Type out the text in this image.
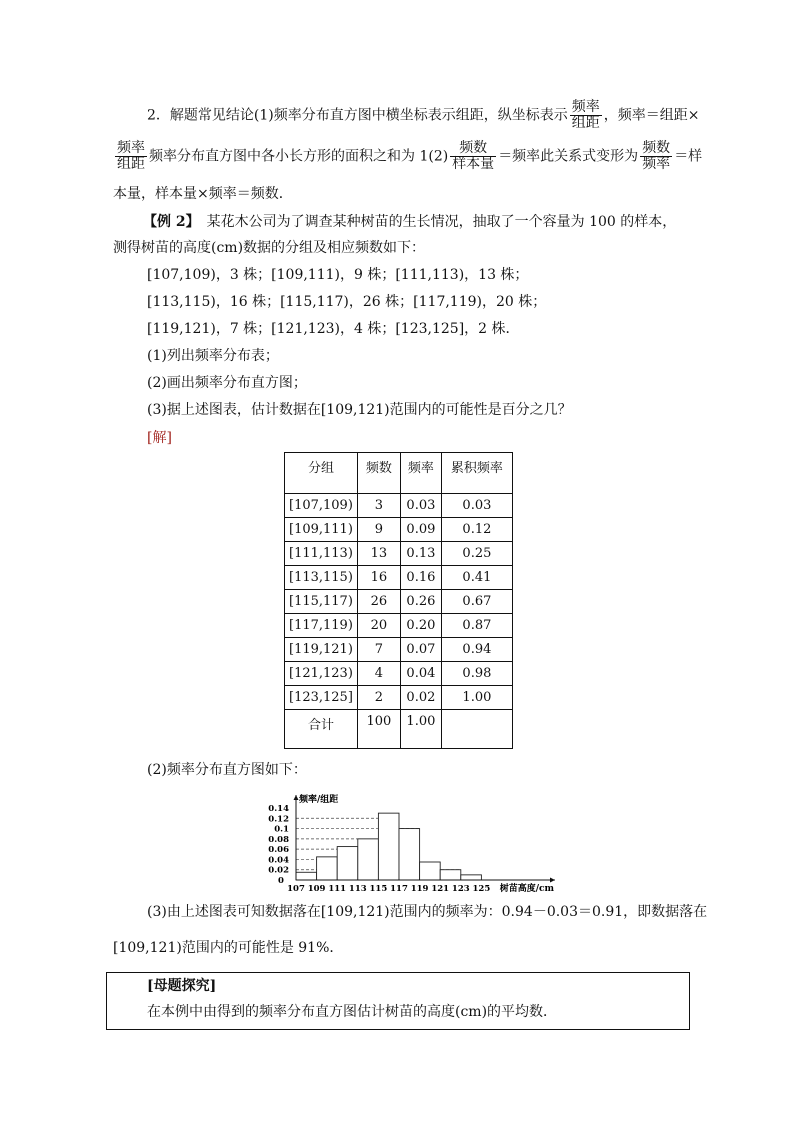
2．解题常见结论(1)频率分布直方图中横坐标表示组距，纵坐标表示 $\frac{\text{频率}}{\text{组距}}$ ，频率＝组距×
$\frac{\text{频率}}{\text{组距}}$ 频率分布直方图中各小长方形的面积之和为 $1(2) \frac{\text{频数}}{\text{样本量}}$ ＝频率此关系式变形为 $\frac{\text{频数}}{\text{频率}}$ ＝样
本量，样本量×频率＝频数．
【例 2】　某花木公司为了调查某种树苗的生长情况，抽取了一个容量为 100 的样本，
测得树苗的高度(cm)数据的分组及相应频数如下：
[107,109)，3 株；[109,111)，9 株；[111,113)，13 株；
[113,115)，16 株；[115,117)，26 株；[117,119)，20 株；
[119,121)，7 株；[121,123)，4 株；[123,125]，2 株．
(1)列出频率分布表；
(2)画出频率分布直方图；
(3)据上述图表，估计数据在[109,121)范围内的可能性是百分之几？
[解]
分组	频数	频率	累积频率
[107,109)	3	0.03	0.03
[109,111)	9	0.09	0.12
[111,113)	13	0.13	0.25
[113,115)	16	0.16	0.41
[115,117)	26	0.26	0.67
[117,119)	20	0.20	0.87
[119,121)	7	0.07	0.94
[121,123)	4	0.04	0.98
[123,125]	2	0.02	1.00
合计	100	1.00	
(2)频率分布直方图如下：
0.02
0.04
0.06
0.08
0.1
0.12
0.14
0
107 109 111 113 115 117 119 121 123 125
频率/组距
树苗高度/cm
(3)由上述图表可知数据落在[109,121)范围内的频率为：0.94－0.03＝0.91，即数据落在
[109,121)范围内的可能性是 91%．
[母题探究]
在本例中由得到的频率分布直方图估计树苗的高度(cm)的平均数．
